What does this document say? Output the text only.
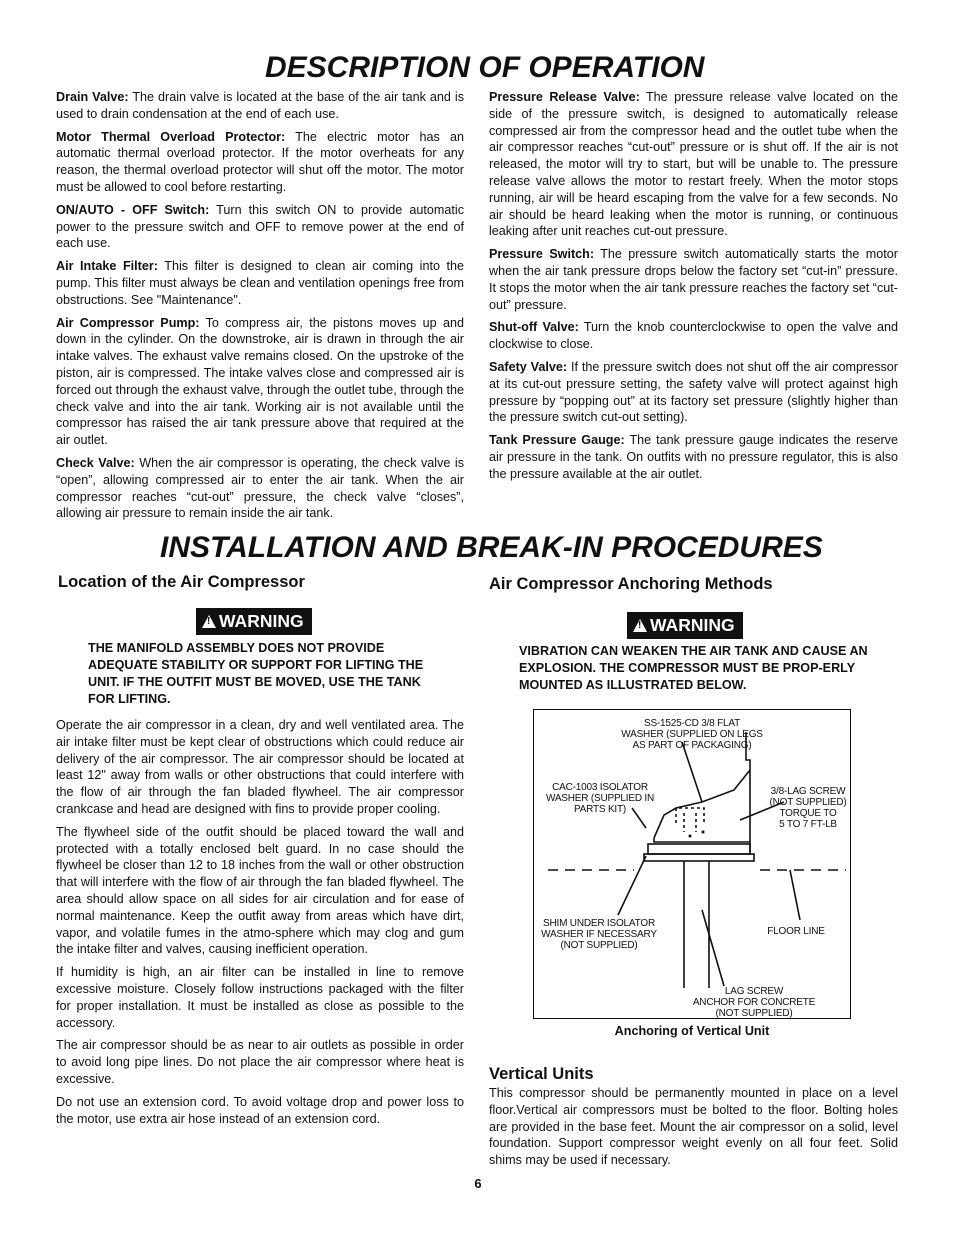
DESCRIPTION OF OPERATION

Drain Valve: The drain valve is located at the base of the air tank and is used to drain condensation at the end of each use.

Motor Thermal Overload Protector: The electric motor has an automatic thermal overload protector. If the motor overheats for any reason, the thermal overload protector will shut off the motor. The motor must be allowed to cool before restarting.

ON/AUTO - OFF Switch: Turn this switch ON to provide automatic power to the pressure switch and OFF to remove power at the end of each use.

Air Intake Filter: This filter is designed to clean air coming into the pump. This filter must always be clean and ventilation openings free from obstructions. See "Maintenance".

Air Compressor Pump: To compress air, the pistons moves up and down in the cylinder. On the downstroke, air is drawn in through the air intake valves. The exhaust valve remains closed. On the upstroke of the piston, air is compressed. The intake valves close and compressed air is forced out through the exhaust valve, through the outlet tube, through the check valve and into the air tank. Working air is not available until the compressor has raised the air tank pressure above that required at the air outlet.

Check Valve: When the air compressor is operating, the check valve is “open”, allowing compressed air to enter the air tank. When the air compressor reaches “cut-out” pressure, the check valve “closes”, allowing air pressure to remain inside the air tank.

Pressure Release Valve: The pressure release valve located on the side of the pressure switch, is designed to automatically release compressed air from the compressor head and the outlet tube when the air compressor reaches “cut-out” pressure or is shut off. If the air is not released, the motor will try to start, but will be unable to. The pressure release valve allows the motor to restart freely. When the motor stops running, air will be heard escaping from the valve for a few seconds. No air should be heard leaking when the motor is running, or continuous leaking after unit reaches cut-out pressure.

Pressure Switch: The pressure switch automatically starts the motor when the air tank pressure drops below the factory set “cut-in” pressure. It stops the motor when the air tank pressure reaches the factory set “cut-out” pressure.

Shut-off Valve: Turn the knob counterclockwise to open the valve and clockwise to close.

Safety Valve: If the pressure switch does not shut off the air compressor at its cut-out pressure setting, the safety valve will protect against high pressure by “popping out” at its factory set pressure (slightly higher than the pressure switch cut-out setting).

Tank Pressure Gauge: The tank pressure gauge indicates the reserve air pressure in the tank. On outfits with no pressure regulator, this is also the pressure available at the air outlet.

INSTALLATION AND BREAK-IN PROCEDURES
Location of the Air Compressor
! WARNING

THE MANIFOLD ASSEMBLY DOES NOT PROVIDE ADEQUATE STABILITY OR SUPPORT FOR LIFTING THE UNIT. IF THE OUTFIT MUST BE MOVED, USE THE TANK FOR LIFTING.

Operate the air compressor in a clean, dry and well ventilated area. The air intake filter must be kept clear of obstructions which could reduce air delivery of the air compressor. The air compressor should be located at least 12" away from walls or other obstructions that could interfere with the flow of air through the fan bladed flywheel. The air compressor crankcase and head are designed with fins to provide proper cooling.

The flywheel side of the outfit should be placed toward the wall and protected with a totally enclosed belt guard. In no case should the flywheel be closer than 12 to 18 inches from the wall or other obstruction that will interfere with the flow of air through the fan bladed flywheel. The area should allow space on all sides for air circulation and for ease of normal maintenance. Keep the outfit away from areas which have dirt, vapor, and volatile fumes in the atmo-sphere which may clog and gum the intake filter and valves, causing inefficient operation.

If humidity is high, an air filter can be installed in line to remove excessive moisture. Closely follow instructions packaged with the filter for proper installation. It must be installed as close as possible to the accessory.

The air compressor should be as near to air outlets as possible in order to avoid long pipe lines. Do not place the air compressor where heat is excessive.

Do not use an extension cord. To avoid voltage drop and power loss to the motor, use extra air hose instead of an extension cord.

Air Compressor Anchoring Methods
! WARNING

VIBRATION CAN WEAKEN THE AIR TANK AND CAUSE AN EXPLOSION. THE COMPRESSOR MUST BE PROP-ERLY MOUNTED AS ILLUSTRATED BELOW.

SS-1525-CD 3/8 FLAT
WASHER (SUPPLIED ON LEGS
AS PART OF PACKAGING)
CAC-1003 ISOLATOR
WASHER (SUPPLIED IN
PARTS KIT)
3/8-LAG SCREW
(NOT SUPPLIED)
TORQUE TO
5 TO 7 FT-LB
SHIM UNDER ISOLATOR
WASHER IF NECESSARY
(NOT SUPPLIED)
FLOOR LINE
LAG SCREW
ANCHOR FOR CONCRETE
(NOT SUPPLIED)
Anchoring of Vertical Unit
Vertical Units

This compressor should be permanently mounted in place on a level floor.Vertical air compressors must be bolted to the floor. Bolting holes are provided in the base feet. Mount the air compressor on a solid, level foundation. Support compressor weight evenly on all four feet. Solid shims may be used if necessary.

6
